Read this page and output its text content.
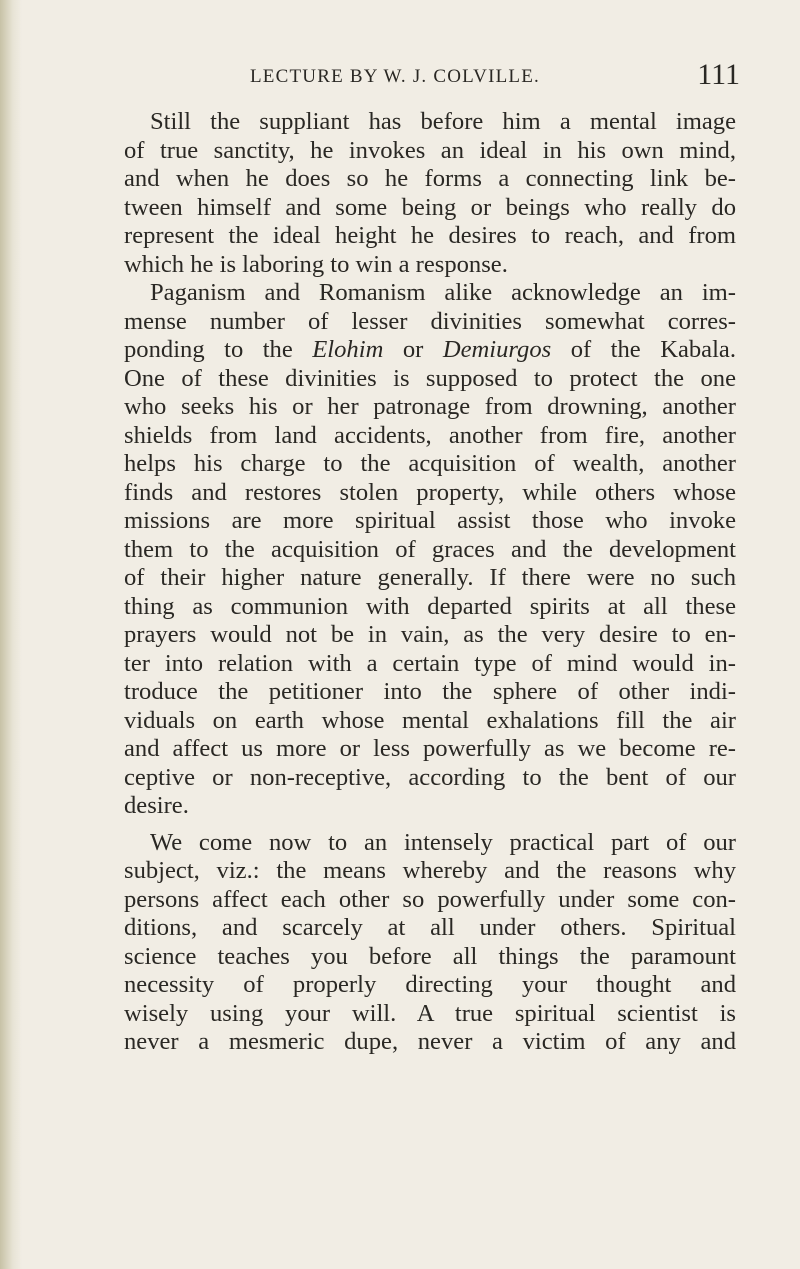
LECTURE BY W. J. COLVILLE.	111
Still the suppliant has before him a mental image
of true sanctity, he invokes an ideal in his own mind,
and when he does so he forms a connecting link be-
tween himself and some being or beings who really do
represent the ideal height he desires to reach, and from
which he is laboring to win a response.
Paganism and Romanism alike acknowledge an im-
mense number of lesser divinities somewhat corres-
ponding to the Elohim or Demiurgos of the Kabala.
One of these divinities is supposed to protect the one
who seeks his or her patronage from drowning, another
shields from land accidents, another from fire, another
helps his charge to the acquisition of wealth, another
finds and restores stolen property, while others whose
missions are more spiritual assist those who invoke
them to the acquisition of graces and the development
of their higher nature generally. If there were no such
thing as communion with departed spirits at all these
prayers would not be in vain, as the very desire to en-
ter into relation with a certain type of mind would in-
troduce the petitioner into the sphere of other indi-
viduals on earth whose mental exhalations fill the air
and affect us more or less powerfully as we become re-
ceptive or non-receptive, according to the bent of our
desire.
We come now to an intensely practical part of our
subject, viz.: the means whereby and the reasons why
persons affect each other so powerfully under some con-
ditions, and scarcely at all under others. Spiritual
science teaches you before all things the paramount
necessity of properly directing your thought and
wisely using your will. A true spiritual scientist is
never a mesmeric dupe, never a victim of any and
